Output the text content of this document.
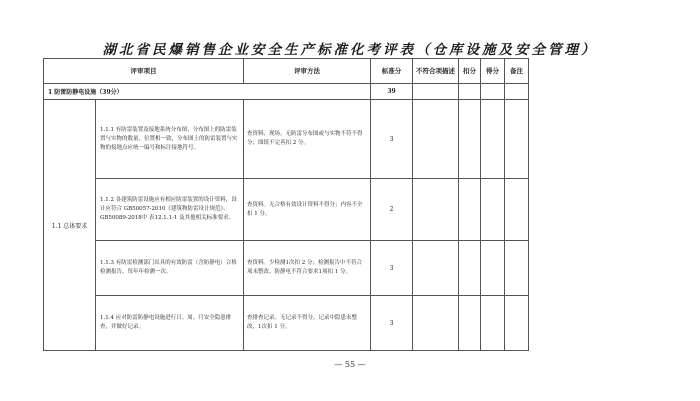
湖北省民爆销售企业安全生产标准化考评表（仓库设施及安全管理）
评审项目		评审方法	标准分	不符合项描述	扣分	得分	备注
1 防雷防静电设施（39分）			39				
1.1 总体要求	1.1.1 有防雷装置及接地系统分布图，分布图上的防雷装置与实物的数量、位置相一致，分布图上的防雷装置与实物的接地点应统一编号和标注接地符号。	查资料、现场。无防雷分布图或与实物不符不得分；图纸不完善扣 2 分。	3				
	1.1.2 各建筑防雷设施应有相应防雷装置的设计资料，设计应符合 GB50057-2010《建筑物防雷设计规范》、GB50089-2018中 表12.1.1-1 及其他相关标准要求。	查资料。无合格有效设计资料不得分；内容不全扣 1 分。	2				
	1.1.3 有防雷检测部门出具的有效防雷（含防静电）合格检测报告，每年年检测一次。	查资料。少检测1次扣 2 分；检测报告中不符合项未整改、防静电不符合要求1项扣 1 分。	3				
	1.1.4 应对防雷防静电设施进行日、周、月安全隐患排查，并做好记录。	查排查记录。无记录不得分，记录中隐患未整改，1次扣 1 分。	3				
— 55 —
